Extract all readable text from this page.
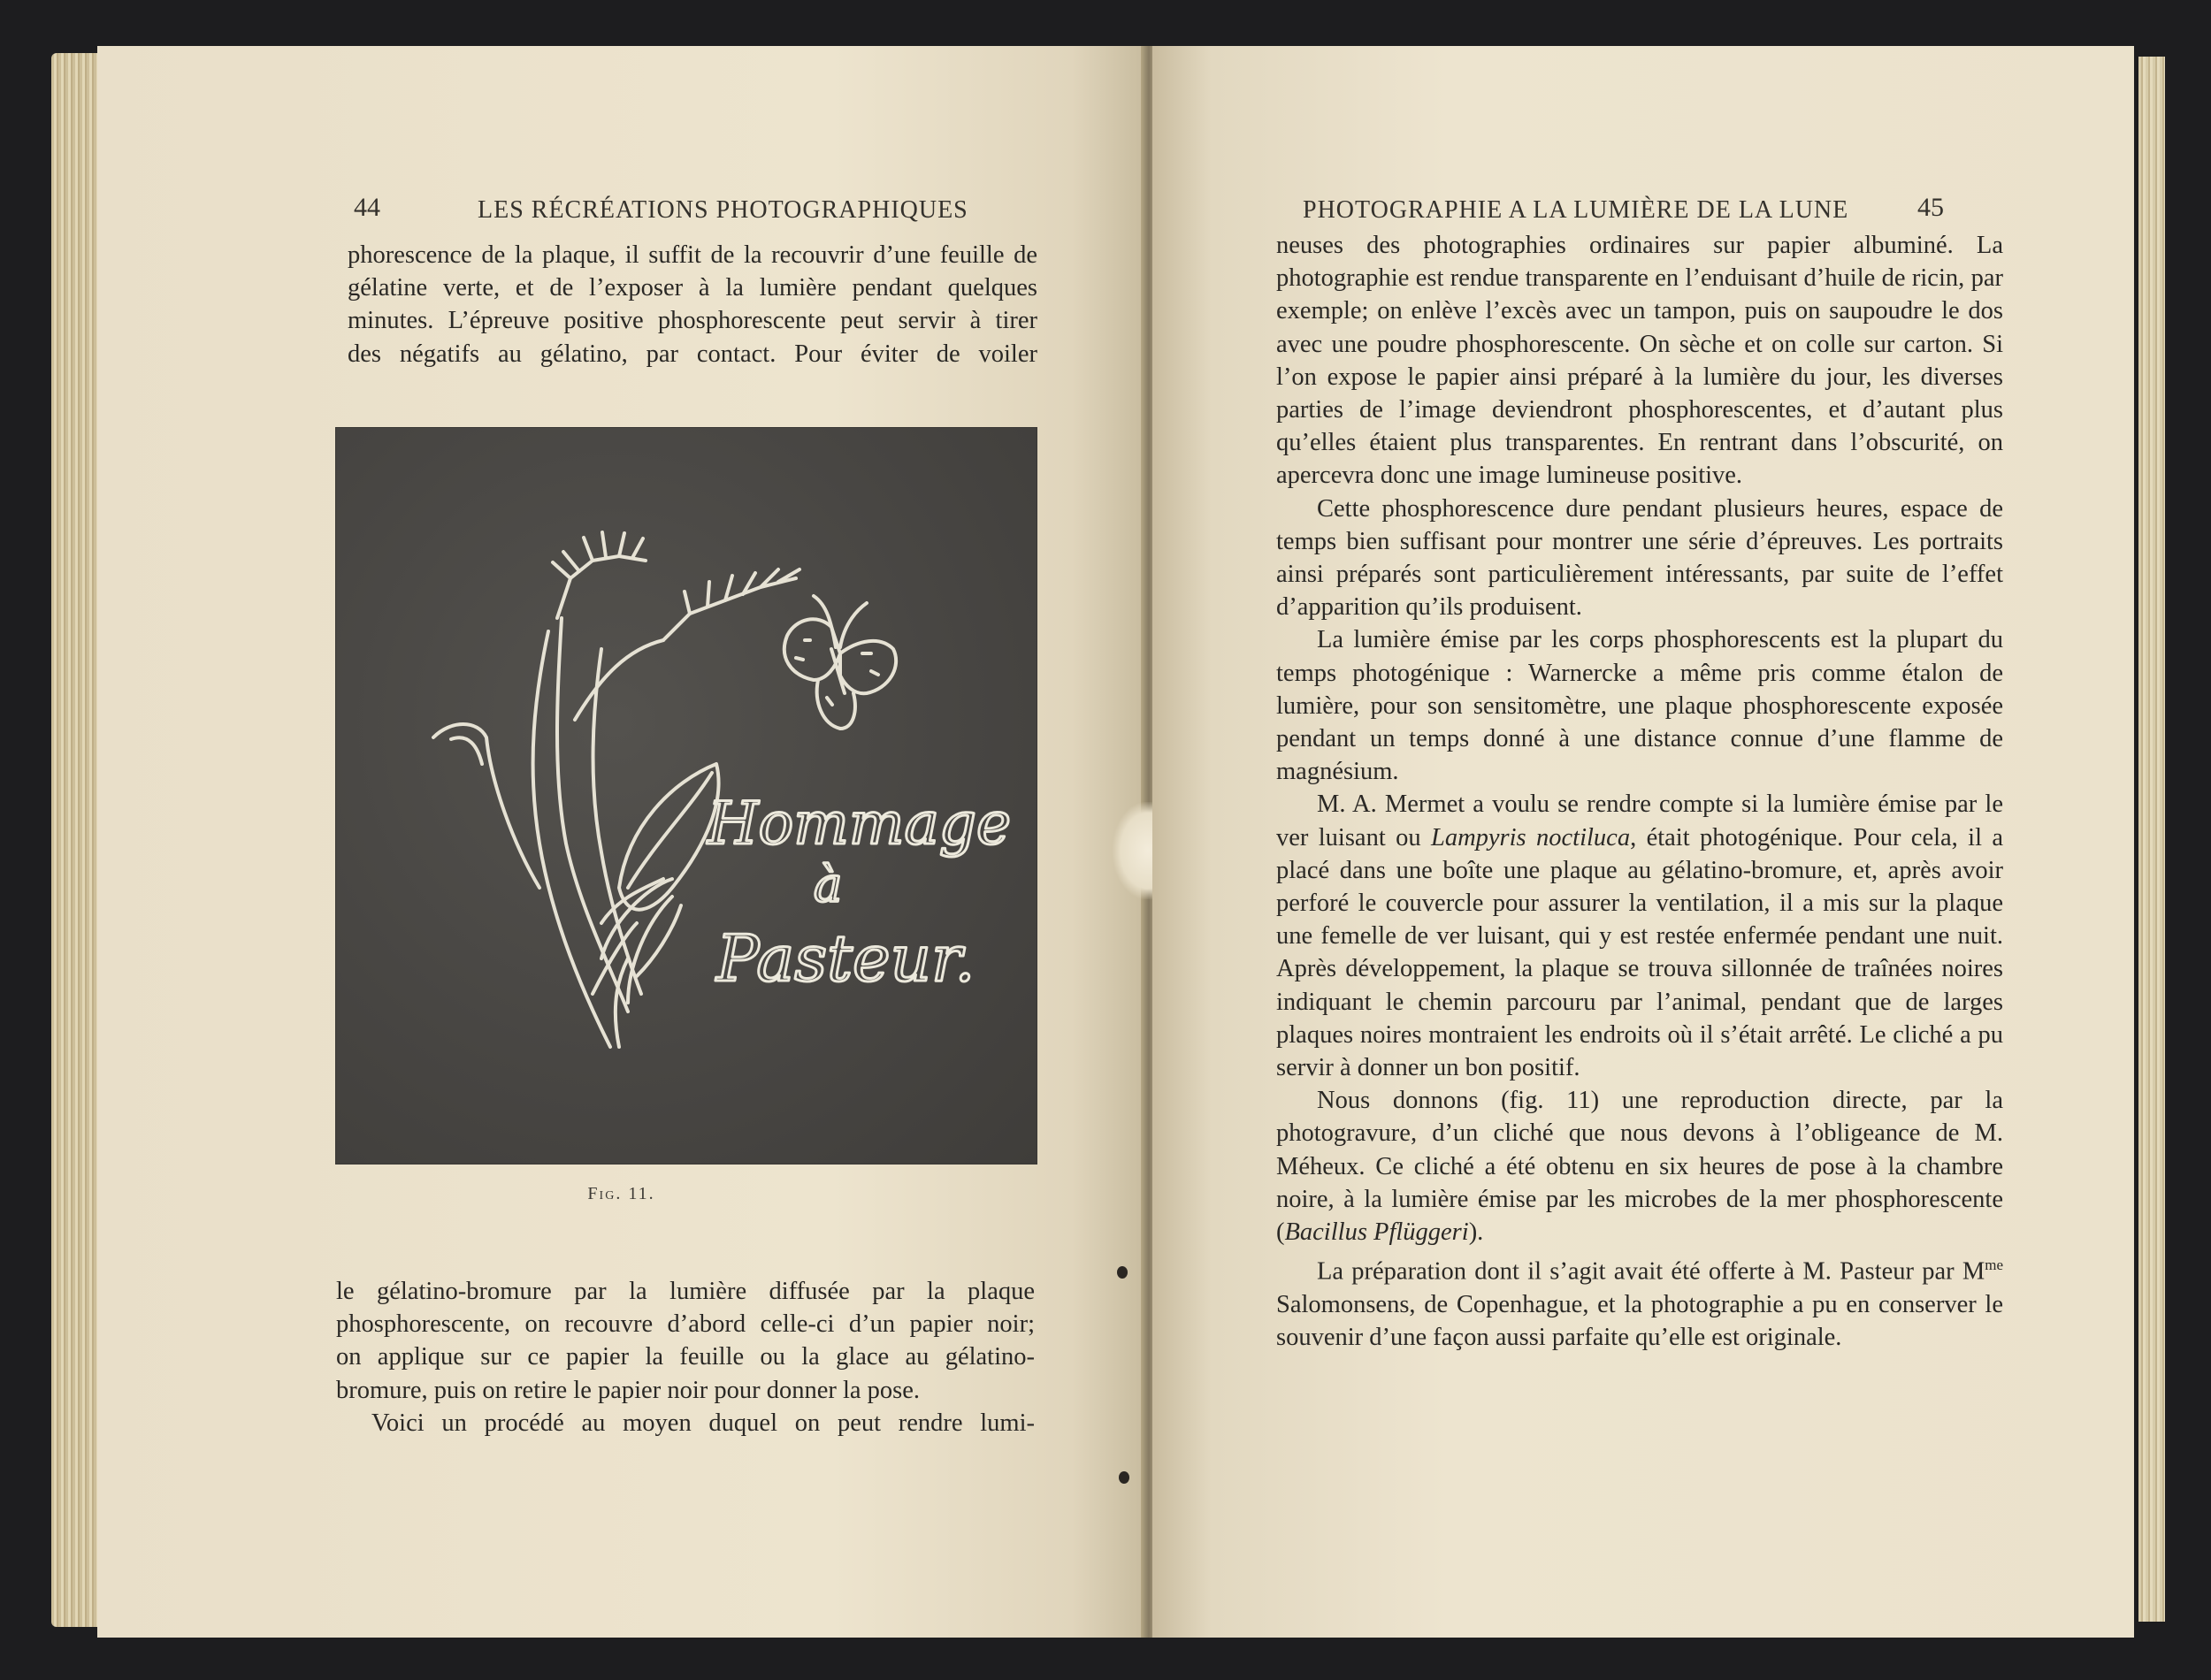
44	LES RÉCRÉATIONS PHOTOGRAPHIQUES
phorescence de la plaque, il suffit de la recouvrir d’une feuille de
gélatine verte, et de l’exposer à la lumière pendant quelques
minutes. L’épreuve positive phosphorescente peut servir à tirer
des négatifs au gélatino, par contact. Pour éviter de voiler
Hommage
à
Pasteur.
Fig. 11.
le gélatino-bromure par la lumière diffusée par la plaque
phosphorescente, on recouvre d’abord celle-ci d’un papier noir;
on applique sur ce papier la feuille ou la glace au gélatino-
bromure, puis on retire le papier noir pour donner la pose.
Voici un procédé au moyen duquel on peut rendre lumi-
PHOTOGRAPHIE A LA LUMIÈRE DE LA LUNE	45

neuses des photographies ordinaires sur papier albuminé. La photographie est rendue transparente en l’enduisant d’huile de ricin, par exemple; on enlève l’excès avec un tampon, puis on saupoudre le dos avec une poudre phosphorescente. On sèche et on colle sur carton. Si l’on expose le papier ainsi préparé à la lumière du jour, les diverses parties de l’image deviendront phosphorescentes, et d’autant plus qu’elles étaient plus transparentes. En rentrant dans l’obscurité, on apercevra donc une image lumineuse positive.

Cette phosphorescence dure pendant plusieurs heures, espace de temps bien suffisant pour montrer une série d’épreuves. Les portraits ainsi préparés sont particulièrement intéressants, par suite de l’effet d’apparition qu’ils produisent.

La lumière émise par les corps phosphorescents est la plupart du temps photogénique : Warnercke a même pris comme étalon de lumière, pour son sensitomètre, une plaque phosphorescente exposée pendant un temps donné à une distance connue d’une flamme de magnésium.

M. A. Mermet a voulu se rendre compte si la lumière émise par le ver luisant ou Lampyris noctiluca, était photogénique. Pour cela, il a placé dans une boîte une plaque au gélatino-bromure, et, après avoir perforé le couvercle pour assurer la ventilation, il a mis sur la plaque une femelle de ver luisant, qui y est restée enfermée pendant une nuit. Après développement, la plaque se trouva sillonnée de traînées noires indiquant le chemin parcouru par l’animal, pendant que de larges plaques noires montraient les endroits où il s’était arrêté. Le cliché a pu servir à donner un bon positif.

Nous donnons (fig. 11) une reproduction directe, par la photogravure, d’un cliché que nous devons à l’obligeance de M. Méheux. Ce cliché a été obtenu en six heures de pose à la chambre noire, à la lumière émise par les microbes de la mer phosphorescente (Bacillus Pflüggeri).

La préparation dont il s’agit avait été offerte à M. Pasteur par $M^{me}$ Salomonsens, de Copenhague, et la photographie a pu en conserver le souvenir d’une façon aussi parfaite qu’elle est originale.
